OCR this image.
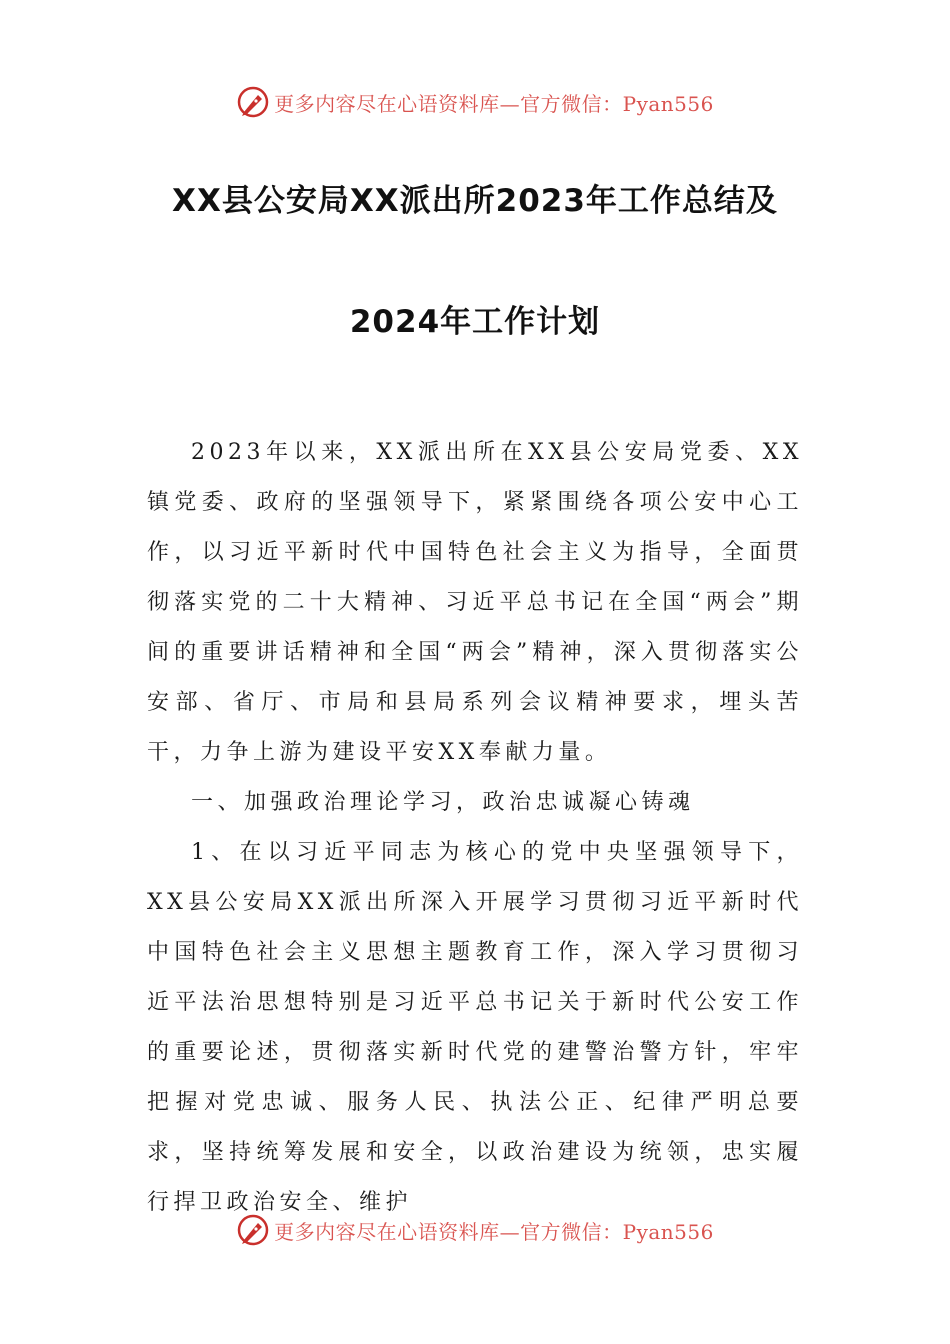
更多内容尽在心语资料库—官方微信：Pyan556
XX县公安局XX派出所2023年工作总结及
2024年工作计划

2023年以来，XX派出所在XX县公安局党委、XX镇党委、政府的坚强领导下，紧紧围绕各项公安中心工作，以习近平新时代中国特色社会主义为指导，全面贯彻落实党的二十大精神、习近平总书记在全国“两会”期间的重要讲话精神和全国“两会”精神，深入贯彻落实公安部、省厅、市局和县局系列会议精神要求，埋头苦干，力争上游为建设平安XX奉献力量。

一、加强政治理论学习，政治忠诚凝心铸魂

1、在以习近平同志为核心的党中央坚强领导下，XX县公安局XX派出所深入开展学习贯彻习近平新时代中国特色社会主义思想主题教育工作，深入学习贯彻习近平法治思想特别是习近平总书记关于新时代公安工作的重要论述，贯彻落实新时代党的建警治警方针，牢牢把握对党忠诚、服务人民、执法公正、纪律严明总要求，坚持统筹发展和安全，以政治建设为统领，忠实履行捍卫政治安全、维护

更多内容尽在心语资料库—官方微信：Pyan556
